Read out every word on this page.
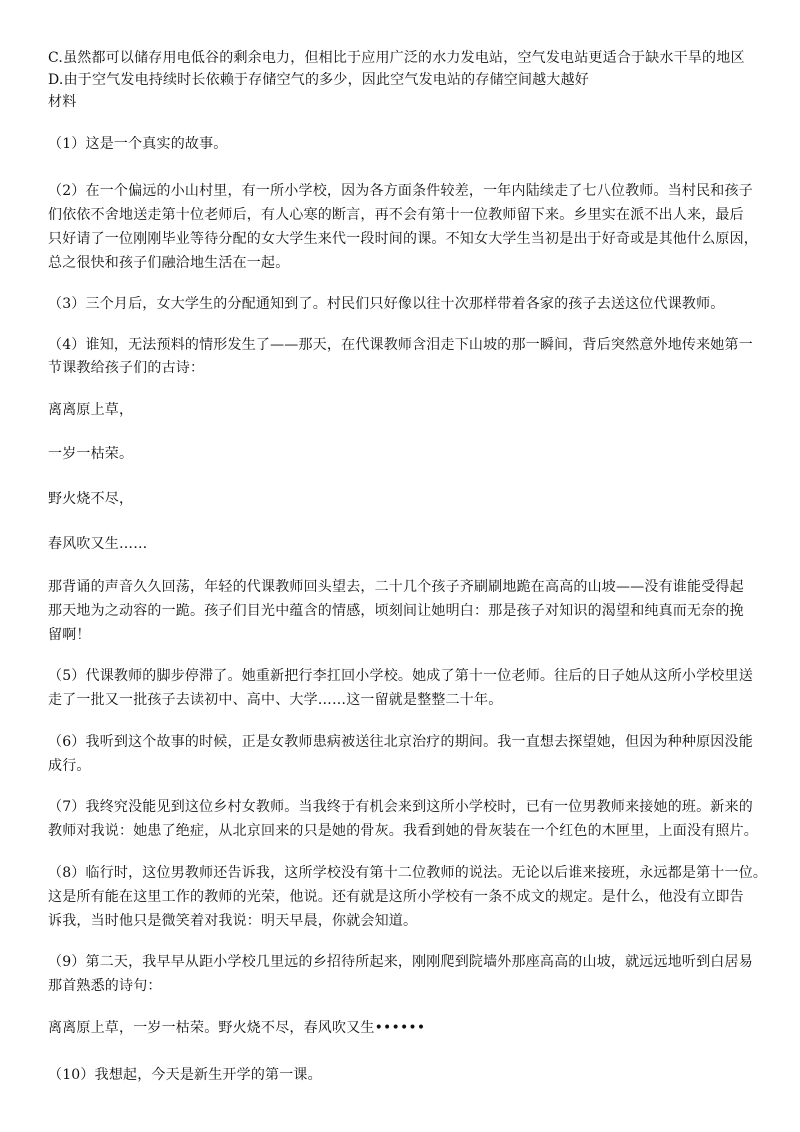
C.虽然都可以储存用电低谷的剩余电力，但相比于应用广泛的水力发电站，空气发电站更适合于缺水干旱的地区

D.由于空气发电持续时长依赖于存储空气的多少，因此空气发电站的存储空间越大越好

材料

（1）这是一个真实的故事。

（2）在一个偏远的小山村里，有一所小学校，因为各方面条件较差，一年内陆续走了七八位教师。当村民和孩子

们依依不舍地送走第十位老师后，有人心寒的断言，再不会有第十一位教师留下来。乡里实在派不出人来，最后

只好请了一位刚刚毕业等待分配的女大学生来代一段时间的课。不知女大学生当初是出于好奇或是其他什么原因，

总之很快和孩子们融洽地生活在一起。

（3）三个月后，女大学生的分配通知到了。村民们只好像以往十次那样带着各家的孩子去送这位代课教师。

（4）谁知，无法预料的情形发生了——那天，在代课教师含泪走下山坡的那一瞬间，背后突然意外地传来她第一

节课教给孩子们的古诗：

离离原上草，

一岁一枯荣。

野火烧不尽，

春风吹又生……

那背诵的声音久久回荡，年轻的代课教师回头望去，二十几个孩子齐刷刷地跪在高高的山坡——没有谁能受得起

那天地为之动容的一跪。孩子们目光中蕴含的情感，顷刻间让她明白：那是孩子对知识的渴望和纯真而无奈的挽

留啊！

（5）代课教师的脚步停滞了。她重新把行李扛回小学校。她成了第十一位老师。往后的日子她从这所小学校里送

走了一批又一批孩子去读初中、高中、大学……这一留就是整整二十年。

（6）我听到这个故事的时候，正是女教师患病被送往北京治疗的期间。我一直想去探望她，但因为种种原因没能

成行。

（7）我终究没能见到这位乡村女教师。当我终于有机会来到这所小学校时，已有一位男教师来接她的班。新来的

教师对我说：她患了绝症，从北京回来的只是她的骨灰。我看到她的骨灰装在一个红色的木匣里，上面没有照片。

（8）临行时，这位男教师还告诉我，这所学校没有第十二位教师的说法。无论以后谁来接班，永远都是第十一位。

这是所有能在这里工作的教师的光荣，他说。还有就是这所小学校有一条不成文的规定。是什么，他没有立即告

诉我，当时他只是微笑着对我说：明天早晨，你就会知道。

（9）第二天，我早早从距小学校几里远的乡招待所起来，刚刚爬到院墙外那座高高的山坡，就远远地听到白居易

那首熟悉的诗句：

离离原上草，一岁一枯荣。野火烧不尽，春风吹又生••••••

（10）我想起，今天是新生开学的第一课。
